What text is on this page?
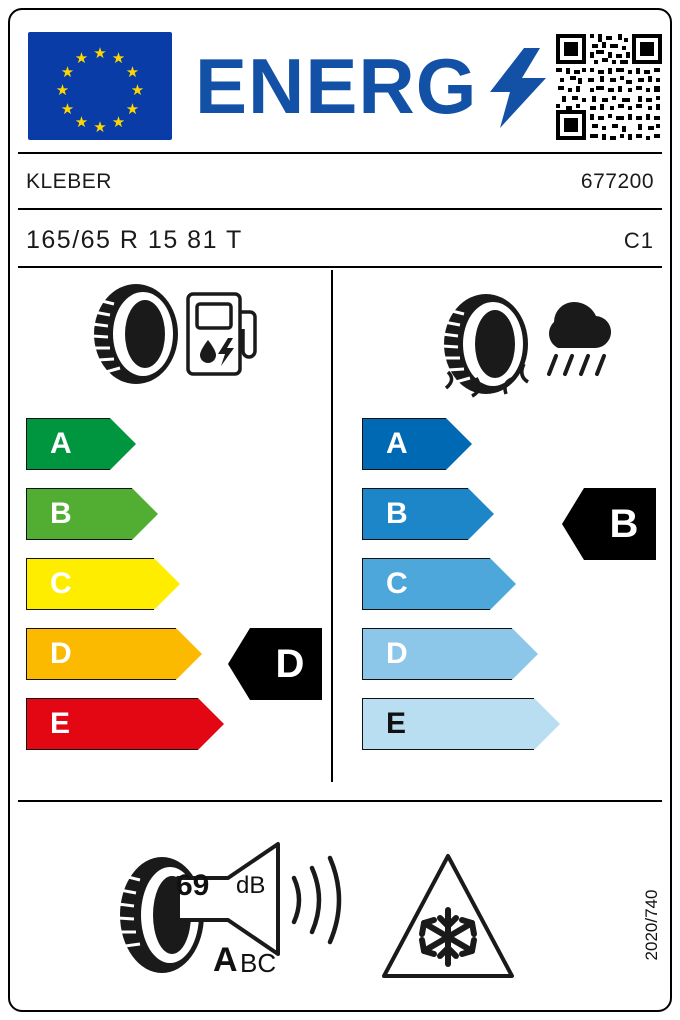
★
★ ★
★	★
★	★
★	★
★ ★
★ ENERG
KLEBER	677200
165/65 R 15 81 T	C1
A
B
C
D
E
D
A
B
C
D
E
B
69 dB
A BC
2020/740
